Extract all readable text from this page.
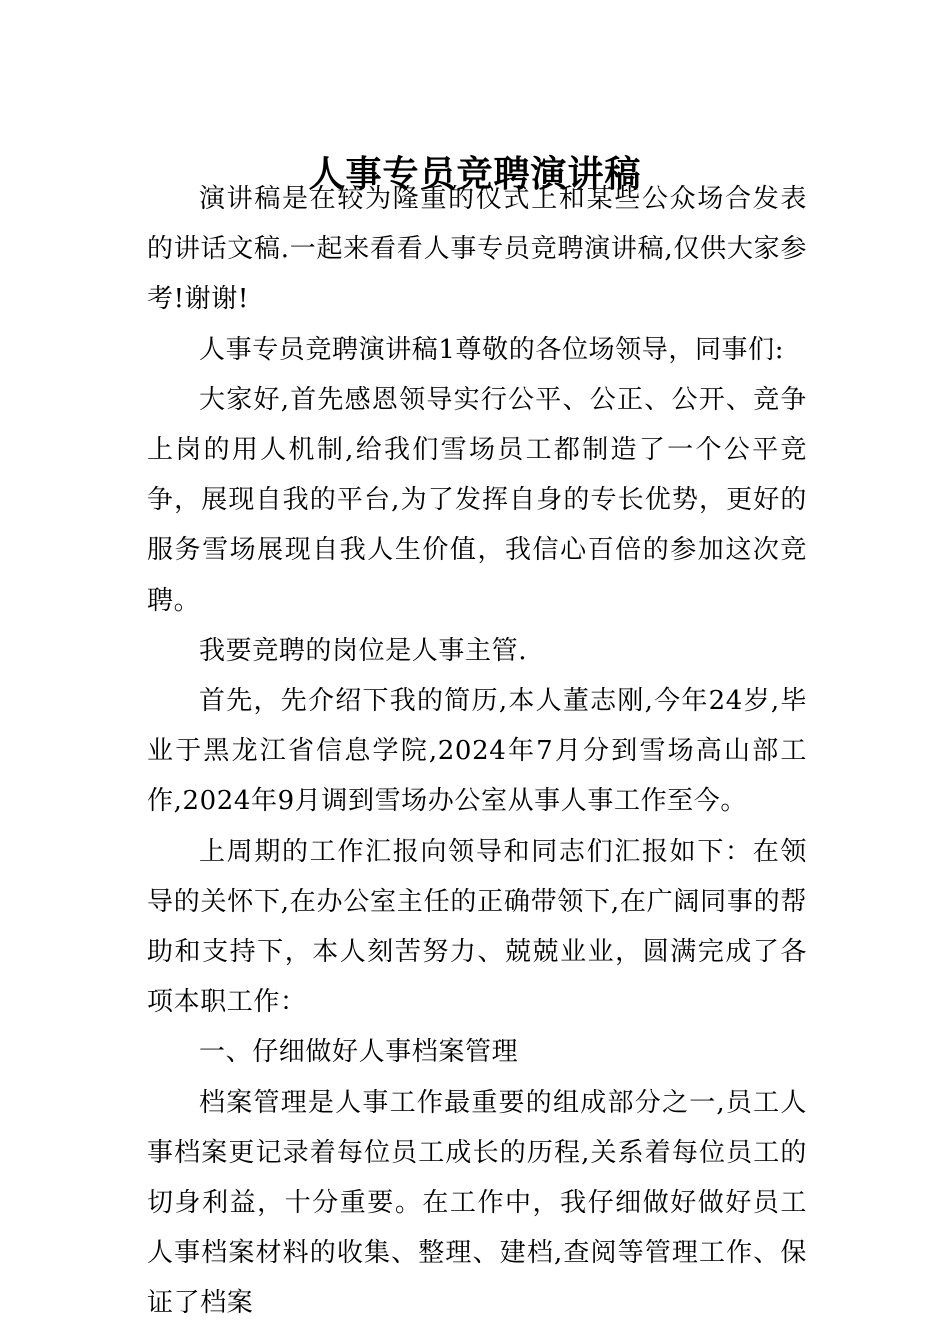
人事专员竞聘演讲稿

演讲稿是在较为隆重的仪式上和某些公众场合发表的讲话文稿.一起来看看人事专员竞聘演讲稿,仅供大家参考!谢谢!

人事专员竞聘演讲稿1尊敬的各位场领导，同事们:

大家好,首先感恩领导实行公平、公正、公开、竞争上岗的用人机制,给我们雪场员工都制造了一个公平竞争，展现自我的平台,为了发挥自身的专长优势，更好的服务雪场展现自我人生价值，我信心百倍的参加这次竞聘。

我要竞聘的岗位是人事主管.

首先，先介绍下我的简历,本人董志刚,今年24岁,毕业于黑龙江省信息学院,2024年7月分到雪场高山部工作,2024年9月调到雪场办公室从事人事工作至今。

上周期的工作汇报向领导和同志们汇报如下：在领导的关怀下,在办公室主任的正确带领下,在广阔同事的帮助和支持下，本人刻苦努力、兢兢业业，圆满完成了各项本职工作：

一、仔细做好人事档案管理

档案管理是人事工作最重要的组成部分之一,员工人事档案更记录着每位员工成长的历程,关系着每位员工的切身利益，十分重要。在工作中，我仔细做好做好员工人事档案材料的收集、整理、建档,查阅等管理工作、保证了档案
